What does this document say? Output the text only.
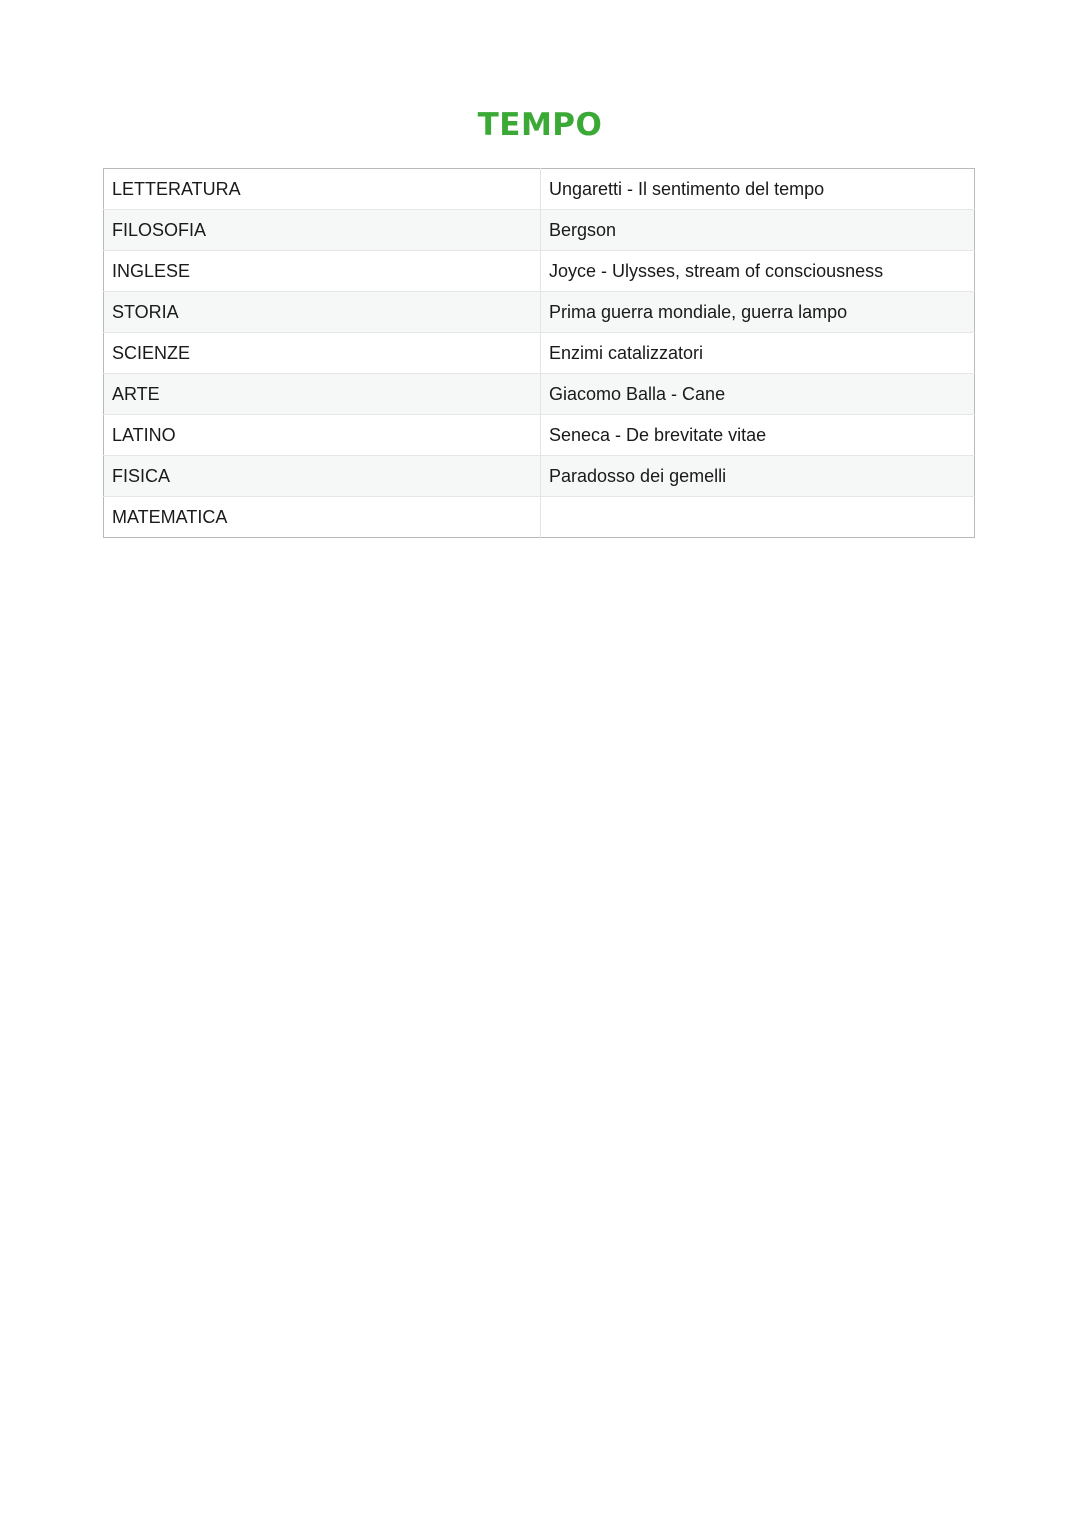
TEMPO
LETTERATURA	Ungaretti - Il sentimento del tempo
FILOSOFIA	Bergson
INGLESE	Joyce - Ulysses, stream of consciousness
STORIA	Prima guerra mondiale, guerra lampo
SCIENZE	Enzimi catalizzatori
ARTE	Giacomo Balla - Cane
LATINO	Seneca - De brevitate vitae
FISICA	Paradosso dei gemelli
MATEMATICA	
